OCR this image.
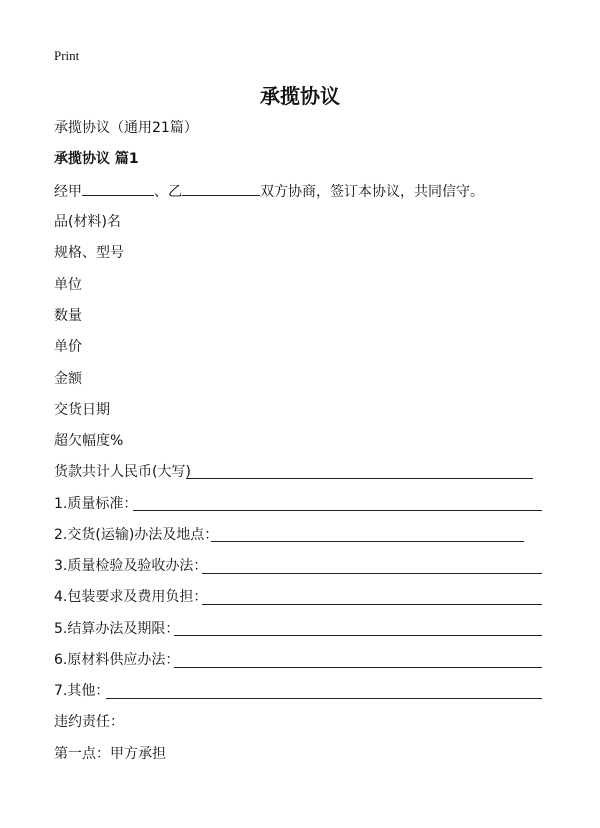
Print
承揽协议
承揽协议（通用21篇）
承揽协议 篇1
经甲	、乙	双方协商，签订本协议，共同信守。
品(材料)名
规格、型号
单位
数量
单价
金额
交货日期
超欠幅度%
货款共计人民币(大写)
1.质量标准：
2.交货(运输)办法及地点：
3.质量检验及验收办法：
4.包装要求及费用负担：
5.结算办法及期限：
6.原材料供应办法：
7.其他：
违约责任：
第一点：甲方承担
